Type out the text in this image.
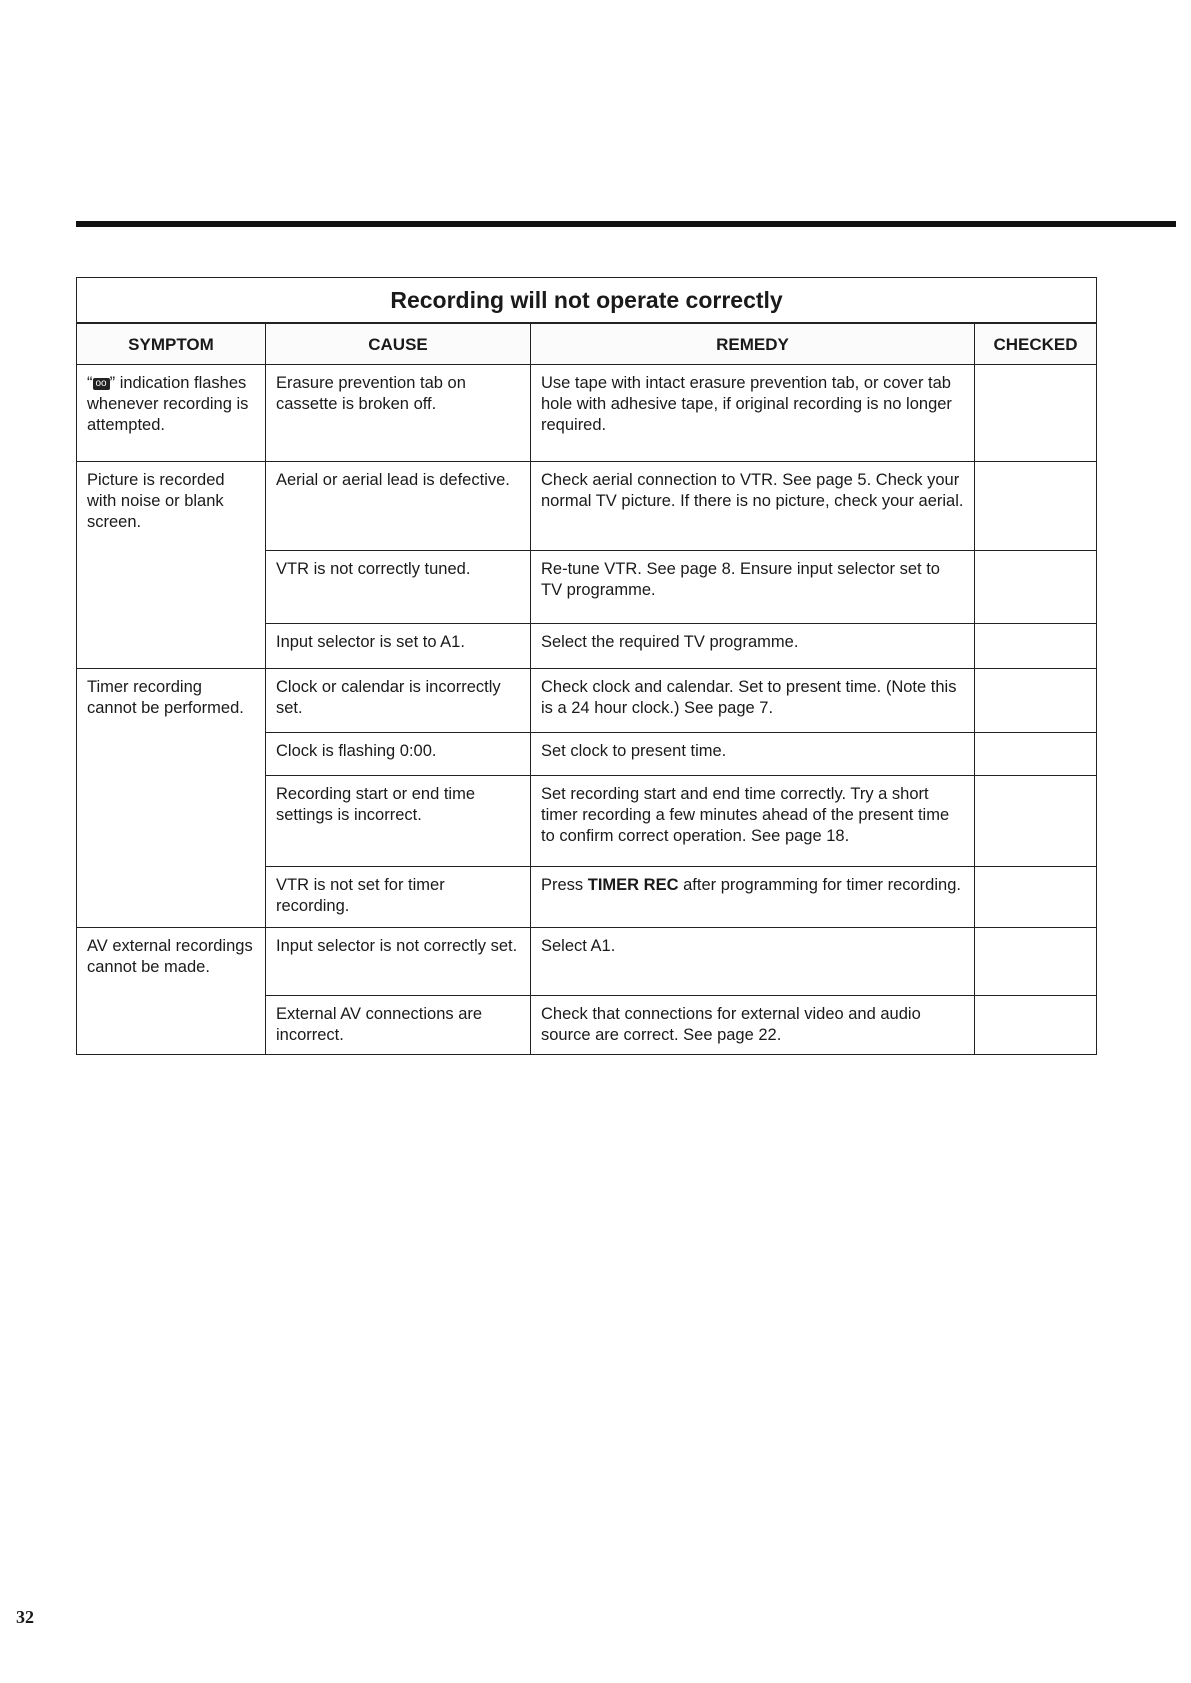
Recording will not operate correctly			
SYMPTOM	CAUSE	REMEDY	CHECKED
“ oo ” indication flashes whenever recording is attempted.	Erasure prevention tab on cassette is broken off.	Use tape with intact erasure prevention tab, or cover tab hole with adhesive tape, if original recording is no longer required.	
Picture is recorded with noise or blank screen.	Aerial or aerial lead is defective.	Check aerial connection to VTR. See page 5. Check your normal TV picture. If there is no picture, check your aerial.	
	VTR is not correctly tuned.	Re-tune VTR. See page 8. Ensure input selector set to TV programme.	
	Input selector is set to A1.	Select the required TV programme.	
Timer recording cannot be performed.	Clock or calendar is incorrectly set.	Check clock and calendar. Set to present time. (Note this is a 24 hour clock.) See page 7.	
	Clock is flashing 0:00.	Set clock to present time.	
	Recording start or end time settings is incorrect.	Set recording start and end time correctly. Try a short timer recording a few minutes ahead of the present time to confirm correct operation. See page 18.	
	VTR is not set for timer recording.	Press TIMER REC after programming for timer recording.	
AV external recordings cannot be made.	Input selector is not correctly set.	Select A1.	
	External AV connections are incorrect.	Check that connections for external video and audio source are correct. See page 22.	
32
